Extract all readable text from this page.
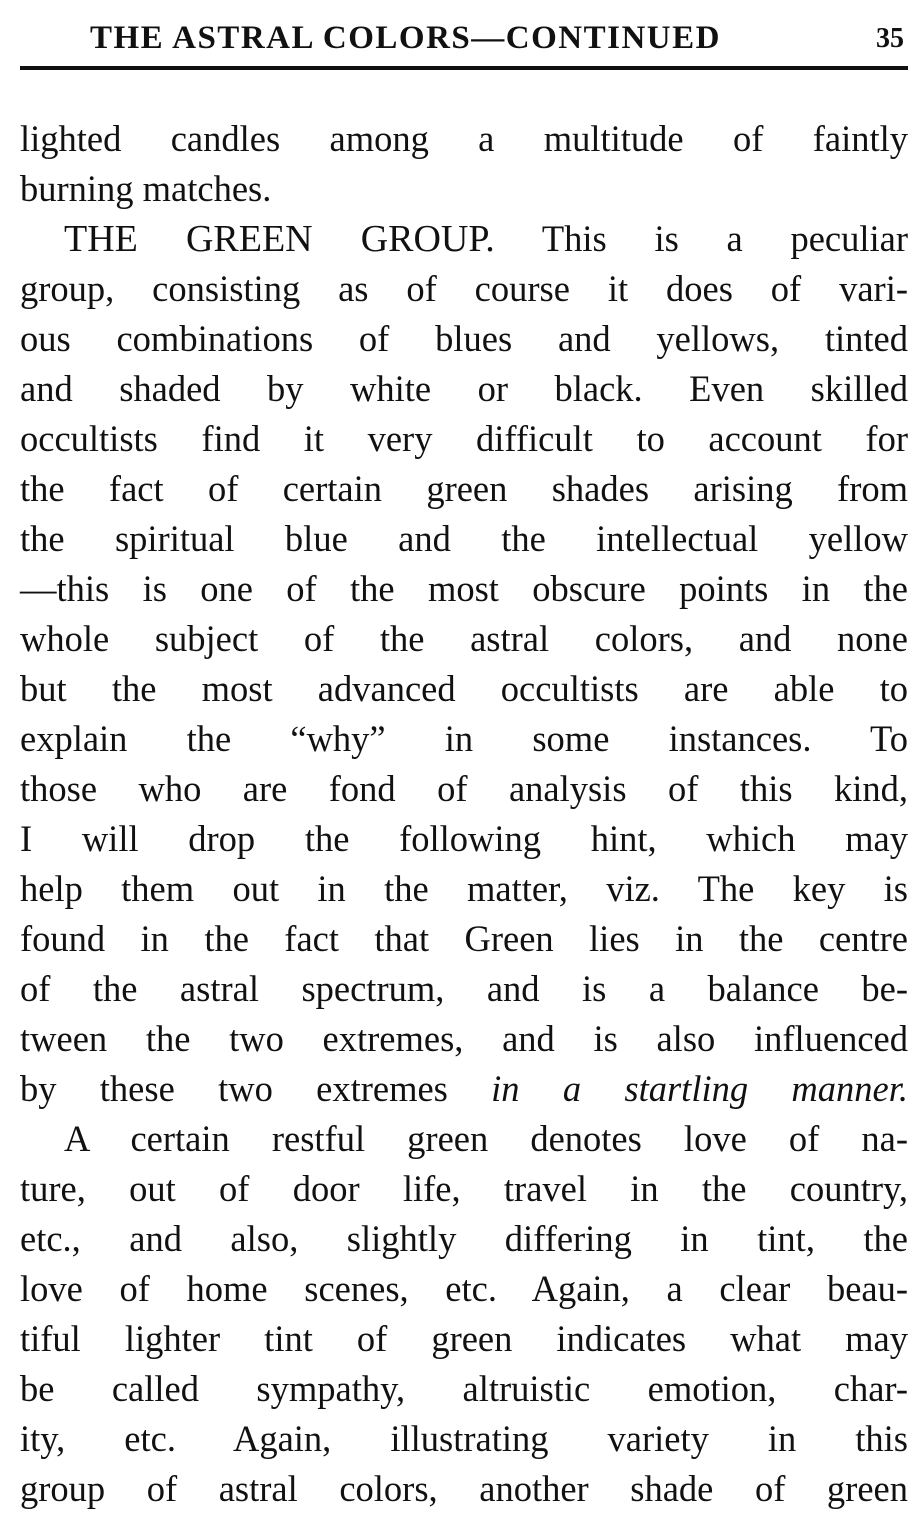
THE ASTRAL COLORS—CONTINUED	35
lighted candles among a multitude of faintly
burning matches.
THE GREEN GROUP. This is a peculiar
group, consisting as of course it does of vari-
ous combinations of blues and yellows, tinted
and shaded by white or black. Even skilled
occultists find it very difficult to account for
the fact of certain green shades arising from
the spiritual blue and the intellectual yellow
—this is one of the most obscure points in the
whole subject of the astral colors, and none
but the most advanced occultists are able to
explain the “why” in some instances. To
those who are fond of analysis of this kind,
I will drop the following hint, which may
help them out in the matter, viz. The key is
found in the fact that Green lies in the centre
of the astral spectrum, and is a balance be-
tween the two extremes, and is also influenced
by these two extremes in a startling manner.
A certain restful green denotes love of na-
ture, out of door life, travel in the country,
etc., and also, slightly differing in tint, the
love of home scenes, etc. Again, a clear beau-
tiful lighter tint of green indicates what may
be called sympathy, altruistic emotion, char-
ity, etc. Again, illustrating variety in this
group of astral colors, another shade of green
